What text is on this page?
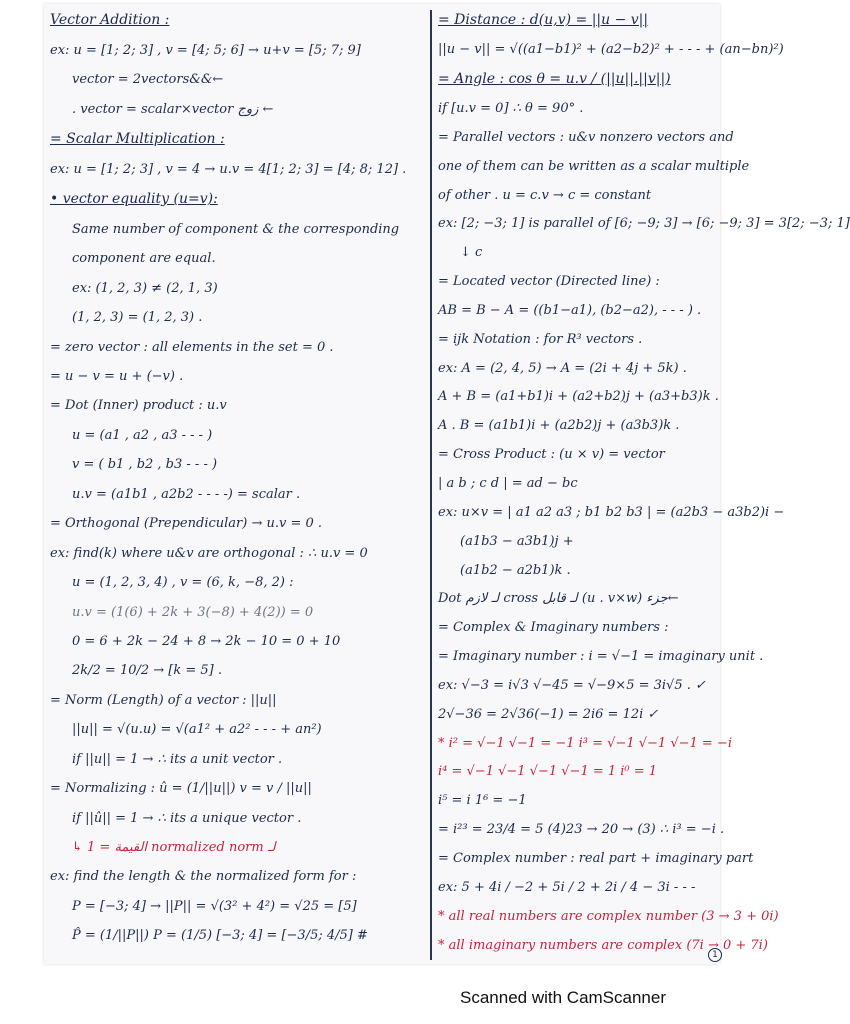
Vector Addition :
ex: u = [1; 2; 3] , v = [4; 5; 6] → u+v = [5; 7; 9]
vector = 2vectors&&←
. vector = scalar×vector زوج ←
= Scalar Multiplication :
ex: u = [1; 2; 3] , v = 4 → u.v = 4[1; 2; 3] = [4; 8; 12] .
• vector equality (u=v):
Same number of component & the corresponding
component are equal.
ex: (1, 2, 3) ≠ (2, 1, 3)
(1, 2, 3) = (1, 2, 3) .
= zero vector : all elements in the set = 0 .
= u − v = u + (−v) .
= Dot (Inner) product : u.v
u = (a1 , a2 , a3 - - - )
v = ( b1 , b2 , b3 - - - )
u.v = (a1b1 , a2b2 - - - -) = scalar .
= Orthogonal (Prependicular) → u.v = 0 .
ex: find(k) where u&v are orthogonal : ∴ u.v = 0
u = (1, 2, 3, 4) , v = (6, k, −8, 2) :
u.v = (1(6) + 2k + 3(−8) + 4(2)) = 0
0 = 6 + 2k − 24 + 8 → 2k − 10 = 0 + 10
2k/2 = 10/2 → [k = 5] .
= Norm (Length) of a vector : ||u||
||u|| = √(u.u) = √(a1² + a2² - - - + an²)
if ||u|| = 1 → ∴ its a unit vector .
= Normalizing : û = (1/||u||) v = v / ||u||
if ||û|| = 1 → ∴ its a unique vector .
↳ 1 = القيمة normalized norm لـ
ex: find the length & the normalized form for :
P = [−3; 4] → ||P|| = √(3² + 4²) = √25 = [5]
P̂ = (1/||P||) P = (1/5) [−3; 4] = [−3/5; 4/5] #
= Distance : d(u,v) = ||u − v||
||u − v|| = √((a1−b1)² + (a2−b2)² + - - - + (an−bn)²)
= Angle : cos θ = u.v / (||u||.||v||)
if [u.v = 0] ∴ θ = 90° .
= Parallel vectors : u&v nonzero vectors and
one of them can be written as a scalar multiple
of other . u = c.v → c = constant
ex: [2; −3; 1] is parallel of [6; −9; 3] → [6; −9; 3] = 3[2; −3; 1]
↓ c
= Located vector (Directed line) :
AB = B − A = ((b1−a1), (b2−a2), - - - ) .
= ijk Notation : for R³ vectors .
ex: A = (2, 4, 5) → A = (2i + 4j + 5k) .
A + B = (a1+b1)i + (a2+b2)j + (a3+b3)k .
A . B = (a1b1)i + (a2b2)j + (a3b3)k .
= Cross Product : (u × v) = vector
| a b ; c d | = ad − bc
ex: u×v = | a1 a2 a3 ; b1 b2 b3 | = (a2b3 − a3b2)i −
(a1b3 − a3b1)j +
(a1b2 − a2b1)k .
Dot لـ لازم cross لـ قابل (u . v×w) جزء←
= Complex & Imaginary numbers :
= Imaginary number : i = √−1 = imaginary unit .
ex: √−3 = i√3 √−45 = √−9×5 = 3i√5 . ✓
2√−36 = 2√36(−1) = 2i6 = 12i ✓
* i² = √−1 √−1 = −1 i³ = √−1 √−1 √−1 = −i
i⁴ = √−1 √−1 √−1 √−1 = 1 i⁰ = 1
i⁵ = i 1⁶ = −1
= i²³ = 23/4 = 5 (4)23 → 20 → (3) ∴ i³ = −i .
= Complex number : real part + imaginary part
ex: 5 + 4i / −2 + 5i / 2 + 2i / 4 − 3i - - -
* all real numbers are complex number (3 → 3 + 0i)
* all imaginary numbers are complex (7i → 0 + 7i)
1
Scanned with CamScanner
